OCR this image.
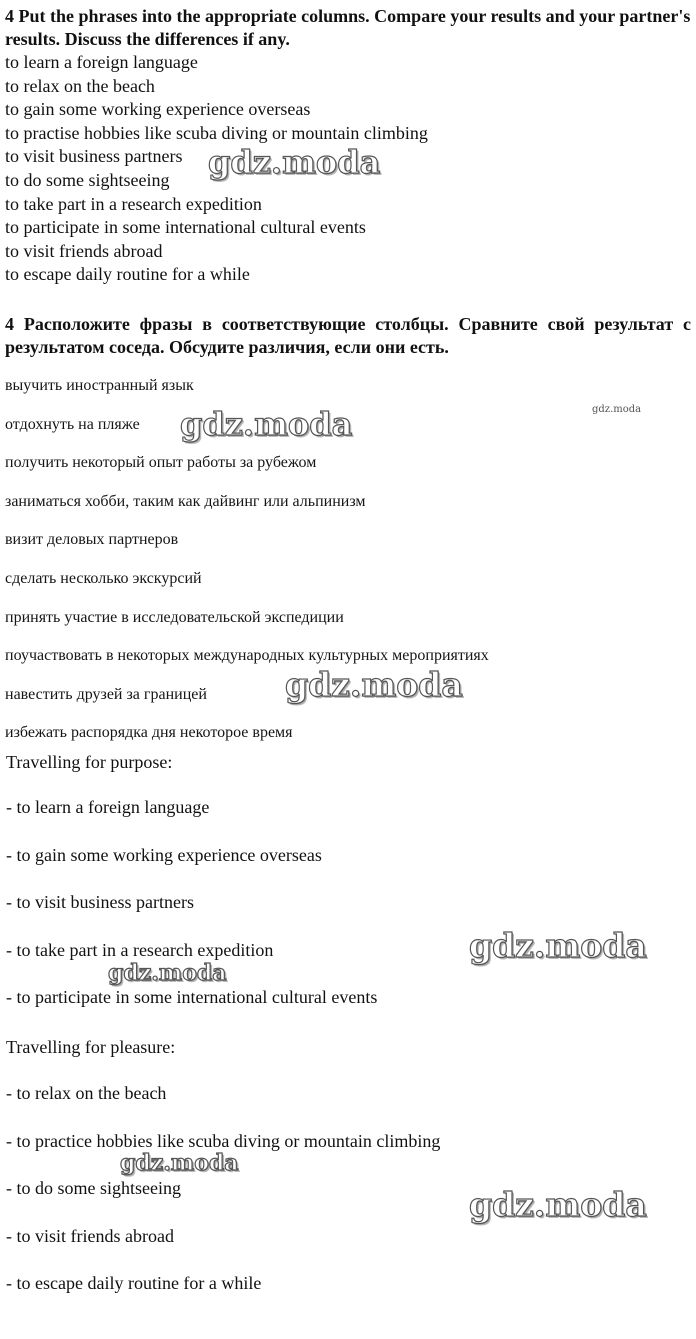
4 Put the phrases into the appropriate columns. Compare your results and your partner's results. Discuss the differences if any.

to learn a foreign language
to relax on the beach
to gain some working experience overseas
to practise hobbies like scuba diving or mountain climbing
to visit business partners
to do some sightseeing
to take part in a research expedition
to participate in some international cultural events
to visit friends abroad
to escape daily routine for a while

4 Расположите фразы в соответствующие столбцы. Сравните свой результат с результатом соседа. Обсудите различия, если они есть.

выучить иностранный язык
отдохнуть на пляже
получить некоторый опыт работы за рубежом
заниматься хобби, таким как дайвинг или альпинизм
визит деловых партнеров
сделать несколько экскурсий
принять участие в исследовательской экспедиции
поучаствовать в некоторых международных культурных мероприятиях
навестить друзей за границей
избежать распорядка дня некоторое время

Travelling for purpose:

- to learn a foreign language
- to gain some working experience overseas
- to visit business partners
- to take part in a research expedition
- to participate in some international cultural events

Travelling for pleasure:

- to relax on the beach
- to practice hobbies like scuba diving or mountain climbing
- to do some sightseeing
- to visit friends abroad
- to escape daily routine for a while
gdz.moda
gdz.moda	gdz.moda
gdz.moda
gdz.moda
gdz.moda
gdz.moda
gdz.moda
